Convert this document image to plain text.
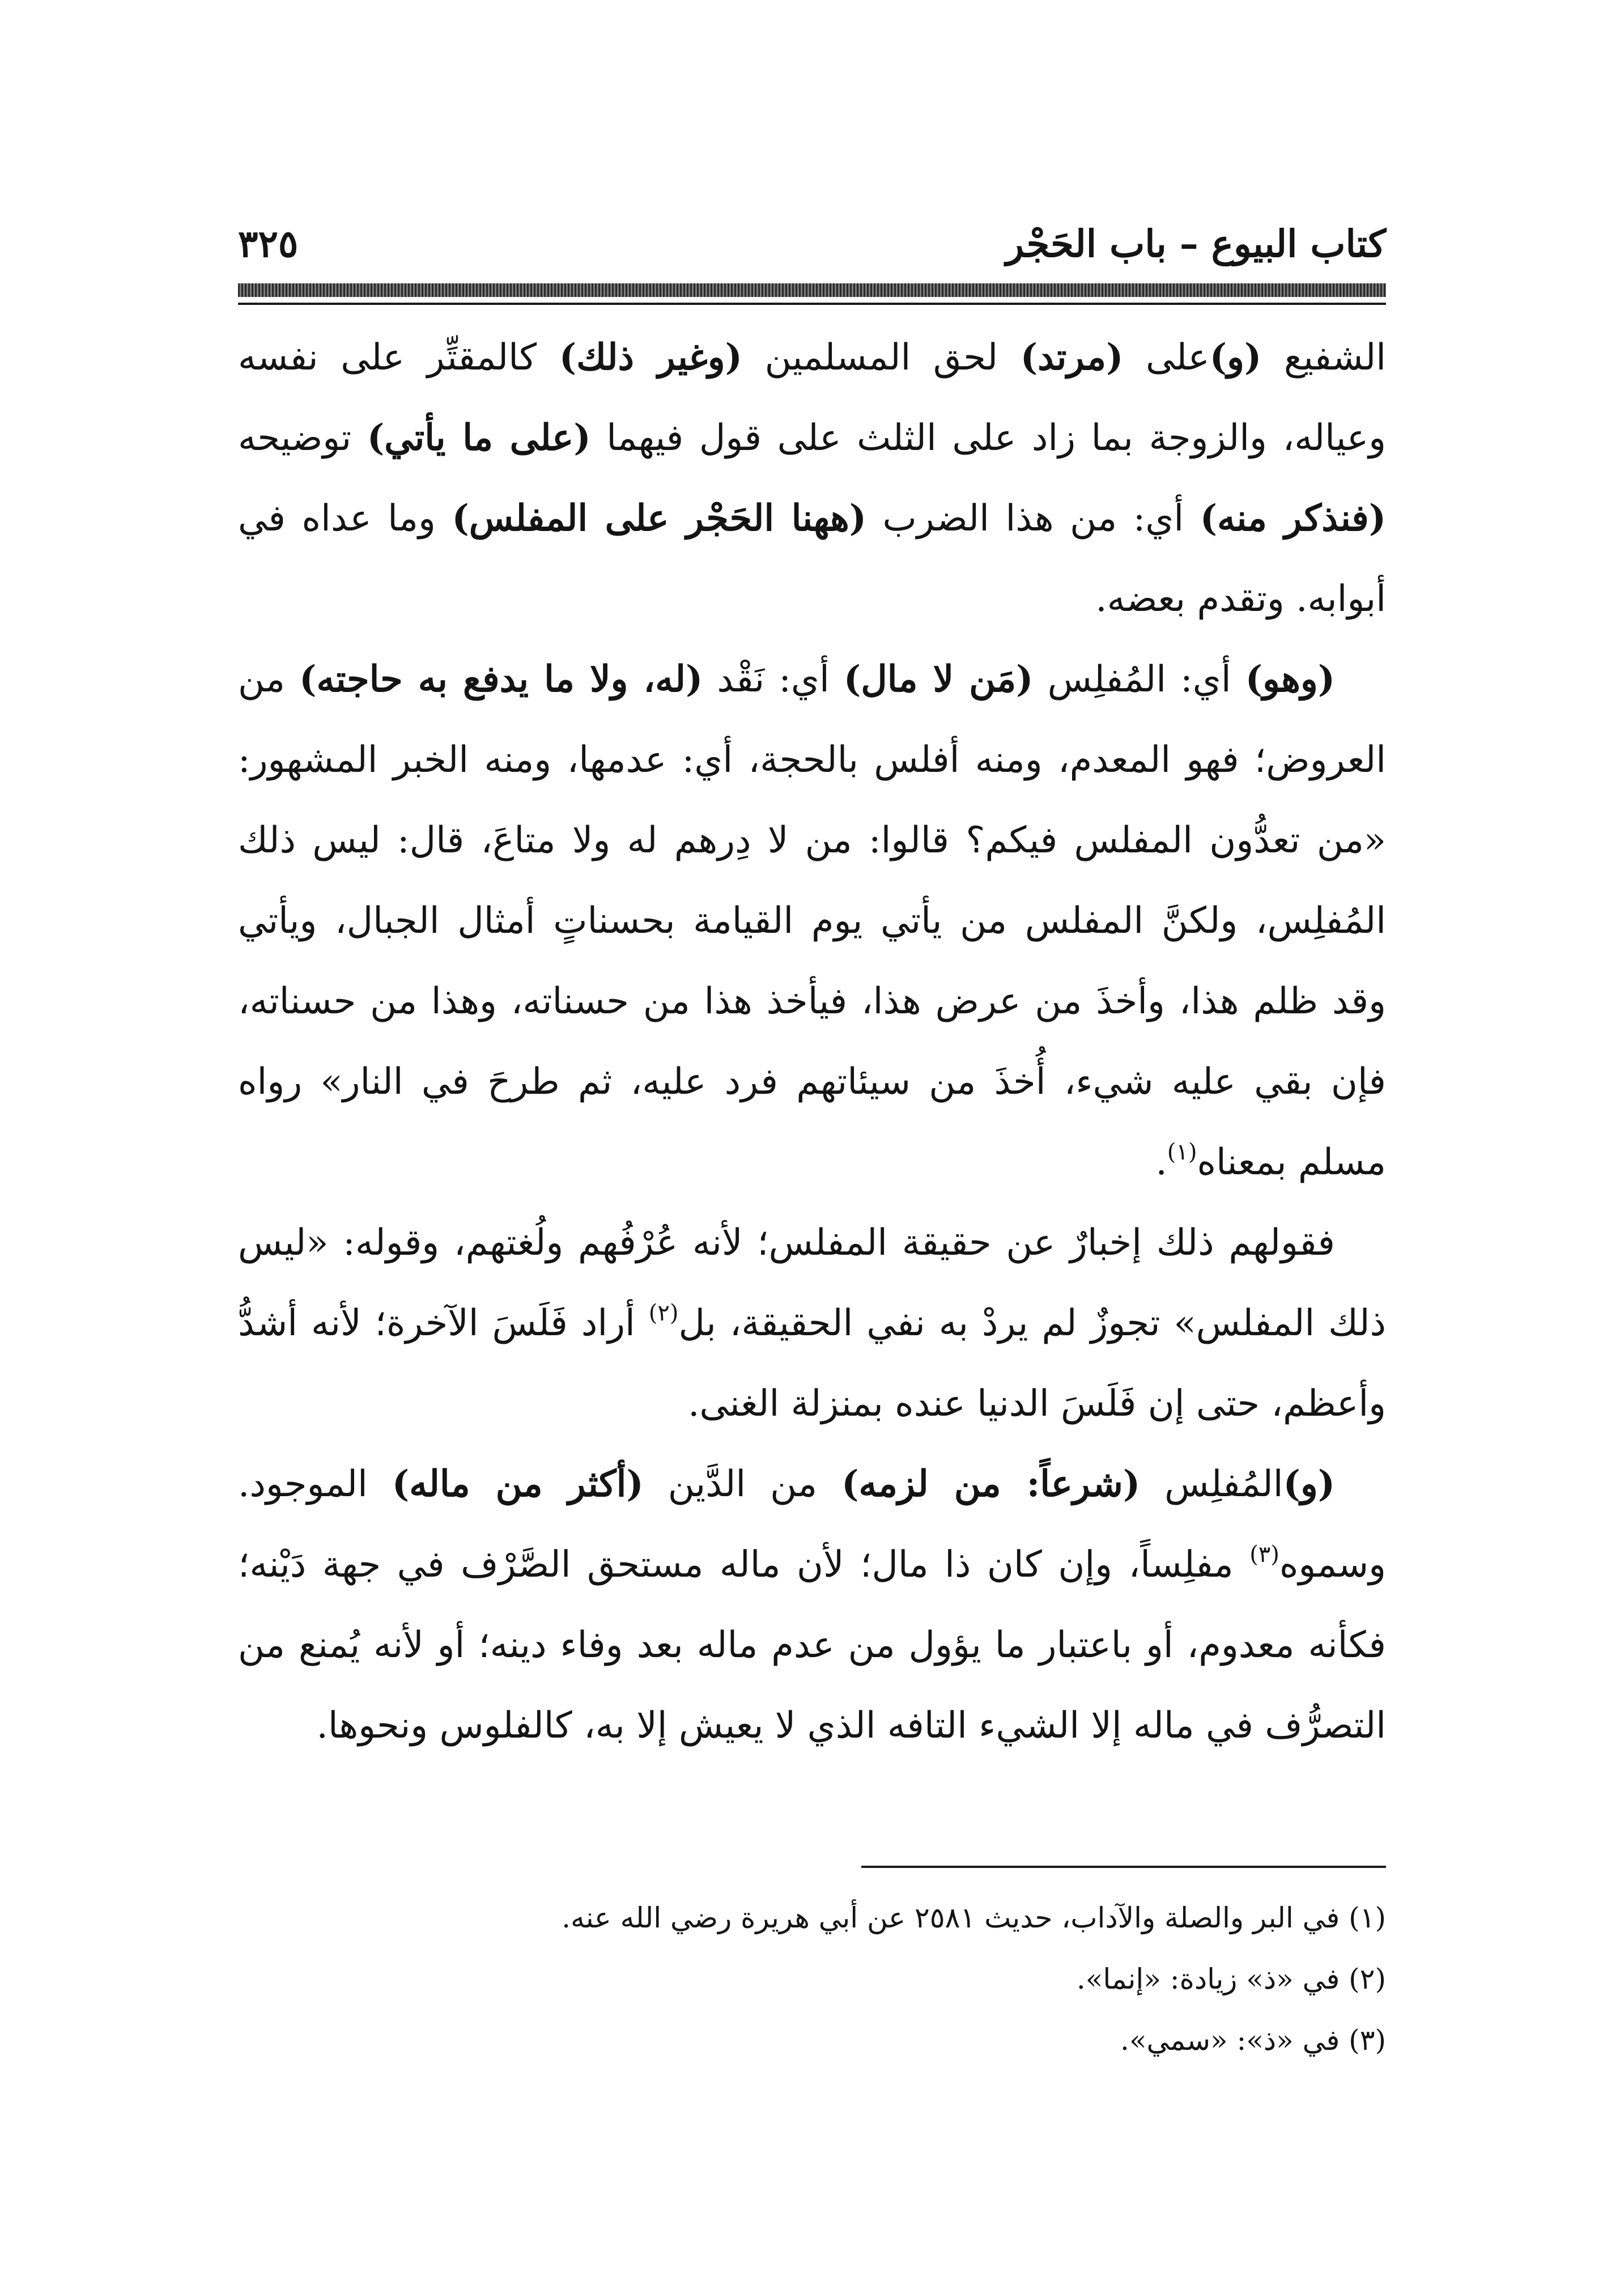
كتاب البيوع – باب الحَجْر
٣٢٥

الشفيع (و)على (مرتد) لحق المسلمين (وغير ذلك) كالمقتِّر على نفسه وعياله، والزوجة بما زاد على الثلث على قول فيهما (على ما يأتي) توضيحه (فنذكر منه) أي: من هذا الضرب (ههنا الحَجْر على المفلس) وما عداه في أبوابه. وتقدم بعضه.

(وهو) أي: المُفلِس (مَن لا مال) أي: نَقْد (له، ولا ما يدفع به حاجته) من العروض؛ فهو المعدم، ومنه أفلس بالحجة، أي: عدمها، ومنه الخبر المشهور: «من تعدُّون المفلس فيكم؟ قالوا: من لا دِرهم له ولا متاعَ، قال: ليس ذلك المُفلِس، ولكنَّ المفلس من يأتي يوم القيامة بحسناتٍ أمثال الجبال، ويأتي وقد ظلم هذا، وأخذَ من عرض هذا، فيأخذ هذا من حسناته، وهذا من حسناته، فإن بقي عليه شيء، أُخذَ من سيئاتهم فرد عليه، ثم طرحَ في النار» رواه مسلم بمعناه$^{(١)}$.

فقولهم ذلك إخبارٌ عن حقيقة المفلس؛ لأنه عُرْفُهم ولُغتهم، وقوله: «ليس ذلك المفلس» تجوزٌ لم يردْ به نفي الحقيقة، بل$^{(٢)}$ أراد فَلَسَ الآخرة؛ لأنه أشدُّ وأعظم، حتى إن فَلَسَ الدنيا عنده بمنزلة الغنى.

(و)المُفلِس (شرعاً: من لزمه) من الدَّين (أكثر من ماله) الموجود. وسموه$^{(٣)}$ مفلِساً، وإن كان ذا مال؛ لأن ماله مستحق الصَّرْف في جهة دَيْنه؛ فكأنه معدوم، أو باعتبار ما يؤول من عدم ماله بعد وفاء دينه؛ أو لأنه يُمنع من التصرُّف في ماله إلا الشيء التافه الذي لا يعيش إلا به، كالفلوس ونحوها.

(١) في البر والصلة والآداب، حديث ٢٥٨١ عن أبي هريرة رضي الله عنه.
(٢) في «ذ» زيادة: «إنما».
(٣) في «ذ»: «سمي».
